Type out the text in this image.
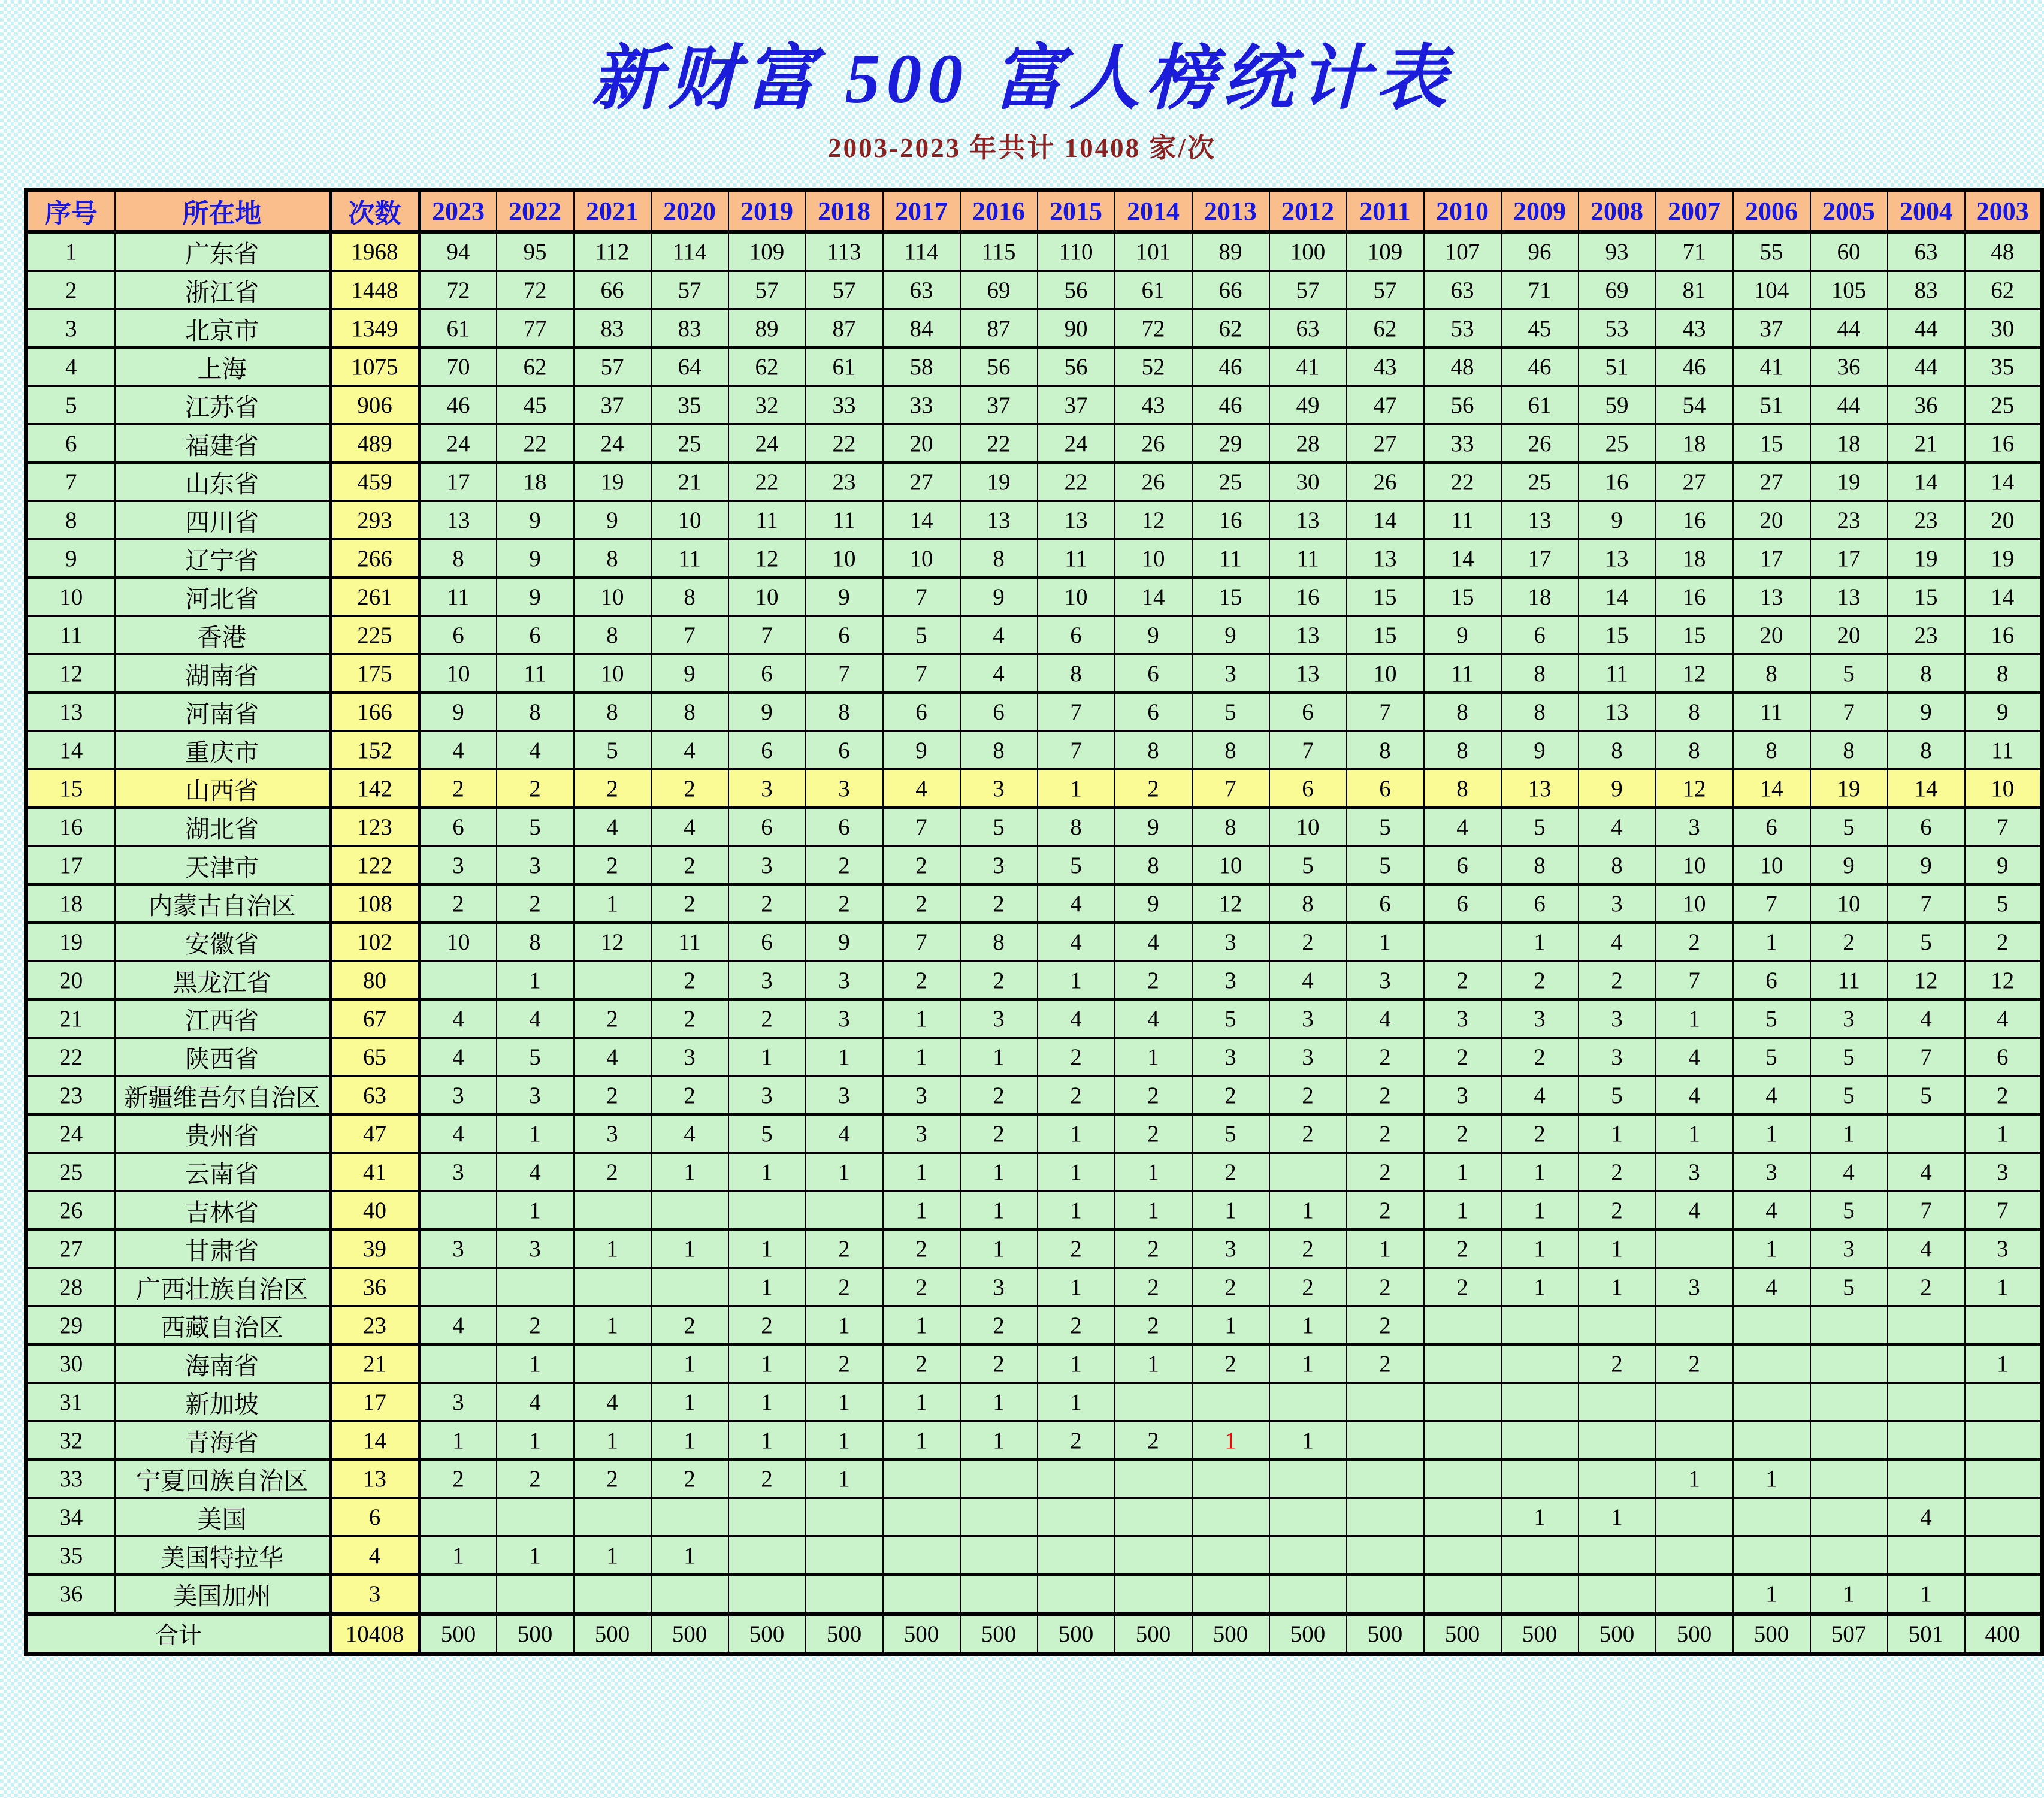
新财富 500 富人榜统计表
2003-2023 年共计 10408 家/次
序号	所在地	次数	2023	2022	2021	2020	2019	2018	2017	2016	2015	2014	2013	2012	2011	2010	2009	2008	2007	2006	2005	2004	2003
1	广东省	1968	94	95	112	114	109	113	114	115	110	101	89	100	109	107	96	93	71	55	60	63	48
2	浙江省	1448	72	72	66	57	57	57	63	69	56	61	66	57	57	63	71	69	81	104	105	83	62
3	北京市	1349	61	77	83	83	89	87	84	87	90	72	62	63	62	53	45	53	43	37	44	44	30
4	上海	1075	70	62	57	64	62	61	58	56	56	52	46	41	43	48	46	51	46	41	36	44	35
5	江苏省	906	46	45	37	35	32	33	33	37	37	43	46	49	47	56	61	59	54	51	44	36	25
6	福建省	489	24	22	24	25	24	22	20	22	24	26	29	28	27	33	26	25	18	15	18	21	16
7	山东省	459	17	18	19	21	22	23	27	19	22	26	25	30	26	22	25	16	27	27	19	14	14
8	四川省	293	13	9	9	10	11	11	14	13	13	12	16	13	14	11	13	9	16	20	23	23	20
9	辽宁省	266	8	9	8	11	12	10	10	8	11	10	11	11	13	14	17	13	18	17	17	19	19
10	河北省	261	11	9	10	8	10	9	7	9	10	14	15	16	15	15	18	14	16	13	13	15	14
11	香港	225	6	6	8	7	7	6	5	4	6	9	9	13	15	9	6	15	15	20	20	23	16
12	湖南省	175	10	11	10	9	6	7	7	4	8	6	3	13	10	11	8	11	12	8	5	8	8
13	河南省	166	9	8	8	8	9	8	6	6	7	6	5	6	7	8	8	13	8	11	7	9	9
14	重庆市	152	4	4	5	4	6	6	9	8	7	8	8	7	8	8	9	8	8	8	8	8	11
15	山西省	142	2	2	2	2	3	3	4	3	1	2	7	6	6	8	13	9	12	14	19	14	10
16	湖北省	123	6	5	4	4	6	6	7	5	8	9	8	10	5	4	5	4	3	6	5	6	7
17	天津市	122	3	3	2	2	3	2	2	3	5	8	10	5	5	6	8	8	10	10	9	9	9
18	内蒙古自治区	108	2	2	1	2	2	2	2	2	4	9	12	8	6	6	6	3	10	7	10	7	5
19	安徽省	102	10	8	12	11	6	9	7	8	4	4	3	2	1		1	4	2	1	2	5	2
20	黑龙江省	80		1		2	3	3	2	2	1	2	3	4	3	2	2	2	7	6	11	12	12
21	江西省	67	4	4	2	2	2	3	1	3	4	4	5	3	4	3	3	3	1	5	3	4	4
22	陕西省	65	4	5	4	3	1	1	1	1	2	1	3	3	2	2	2	3	4	5	5	7	6
23	新疆维吾尔自治区	63	3	3	2	2	3	3	3	2	2	2	2	2	2	3	4	5	4	4	5	5	2
24	贵州省	47	4	1	3	4	5	4	3	2	1	2	5	2	2	2	2	1	1	1	1		1
25	云南省	41	3	4	2	1	1	1	1	1	1	1	2		2	1	1	2	3	3	4	4	3
26	吉林省	40		1					1	1	1	1	1	1	2	1	1	2	4	4	5	7	7
27	甘肃省	39	3	3	1	1	1	2	2	1	2	2	3	2	1	2	1	1		1	3	4	3
28	广西壮族自治区	36					1	2	2	3	1	2	2	2	2	2	1	1	3	4	5	2	1
29	西藏自治区	23	4	2	1	2	2	1	1	2	2	2	1	1	2								
30	海南省	21		1		1	1	2	2	2	1	1	2	1	2			2	2				1
31	新加坡	17	3	4	4	1	1	1	1	1	1												
32	青海省	14	1	1	1	1	1	1	1	1	2	2	1	1									
33	宁夏回族自治区	13	2	2	2	2	2	1											1	1			
34	美国	6															1	1				4	
35	美国特拉华	4	1	1	1	1																	
36	美国加州	3																		1	1	1	
合计		10408	500	500	500	500	500	500	500	500	500	500	500	500	500	500	500	500	500	500	507	501	400
